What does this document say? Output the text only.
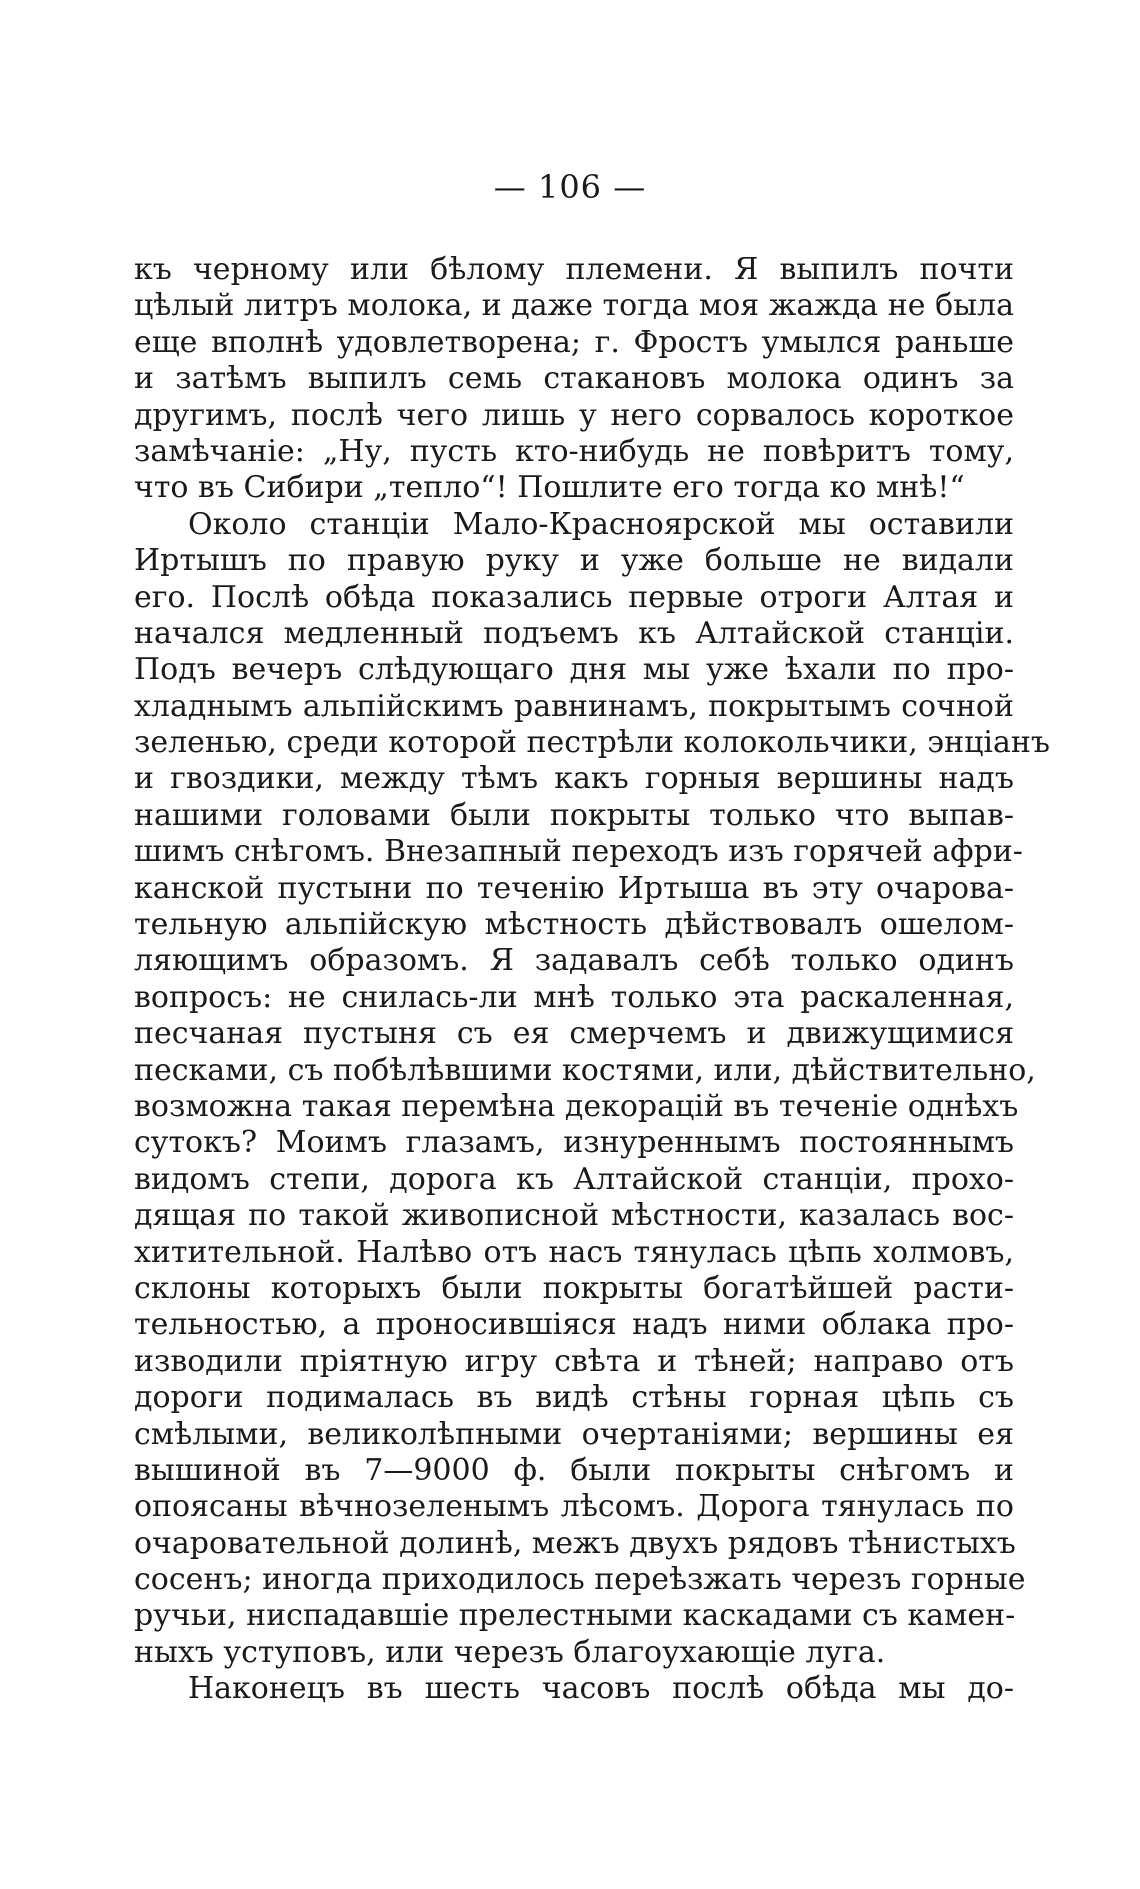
— 106 —
къ черному или бѣлому племени. Я выпилъ почти
цѣлый литръ молока, и даже тогда моя жажда не была
еще вполнѣ удовлетворена; г. Фростъ умылся раньше
и затѣмъ выпилъ семь стакановъ молока одинъ за
другимъ, послѣ чего лишь у него сорвалось короткое
замѣчаніе: „Ну, пусть кто-нибудь не повѣритъ тому,
что въ Сибири „тепло“! Пошлите его тогда ко мнѣ!“
Около станціи Мало-Красноярской мы оставили
Иртышъ по правую руку и уже больше не видали
его. Послѣ обѣда показались первые отроги Алтая и
начался медленный подъемъ къ Алтайской станціи.
Подъ вечеръ слѣдующаго дня мы уже ѣхали по про-
хладнымъ альпійскимъ равнинамъ, покрытымъ сочной
зеленью, среди которой пестрѣли колокольчики, энціанъ
и гвоздики, между тѣмъ какъ горныя вершины надъ
нашими головами были покрыты только что выпав-
шимъ снѣгомъ. Внезапный переходъ изъ горячей афри-
канской пустыни по теченію Иртыша въ эту очарова-
тельную альпійскую мѣстность дѣйствовалъ ошелом-
ляющимъ образомъ. Я задавалъ себѣ только одинъ
вопросъ: не снилась-ли мнѣ только эта раскаленная,
песчаная пустыня съ ея смерчемъ и движущимися
песками, съ побѣлѣвшими костями, или, дѣйствительно,
возможна такая перемѣна декорацій въ теченіе однѣхъ
сутокъ? Моимъ глазамъ, изнуреннымъ постояннымъ
видомъ степи, дорога къ Алтайской станціи, прохо-
дящая по такой живописной мѣстности, казалась вос-
хитительной. Налѣво отъ насъ тянулась цѣпь холмовъ,
склоны которыхъ были покрыты богатѣйшей расти-
тельностью, а проносившіяся надъ ними облака про-
изводили пріятную игру свѣта и тѣней; направо отъ
дороги подималась въ видѣ стѣны горная цѣпь съ
смѣлыми, великолѣпными очертаніями; вершины ея
вышиной въ 7—9000 ф. были покрыты снѣгомъ и
опоясаны вѣчнозеленымъ лѣсомъ. Дорога тянулась по
очаровательной долинѣ, межъ двухъ рядовъ тѣнистыхъ
сосенъ; иногда приходилось переѣзжать черезъ горные
ручьи, ниспадавшіе прелестными каскадами съ камен-
ныхъ уступовъ, или черезъ благоухающіе луга.
Наконецъ въ шесть часовъ послѣ обѣда мы до-
